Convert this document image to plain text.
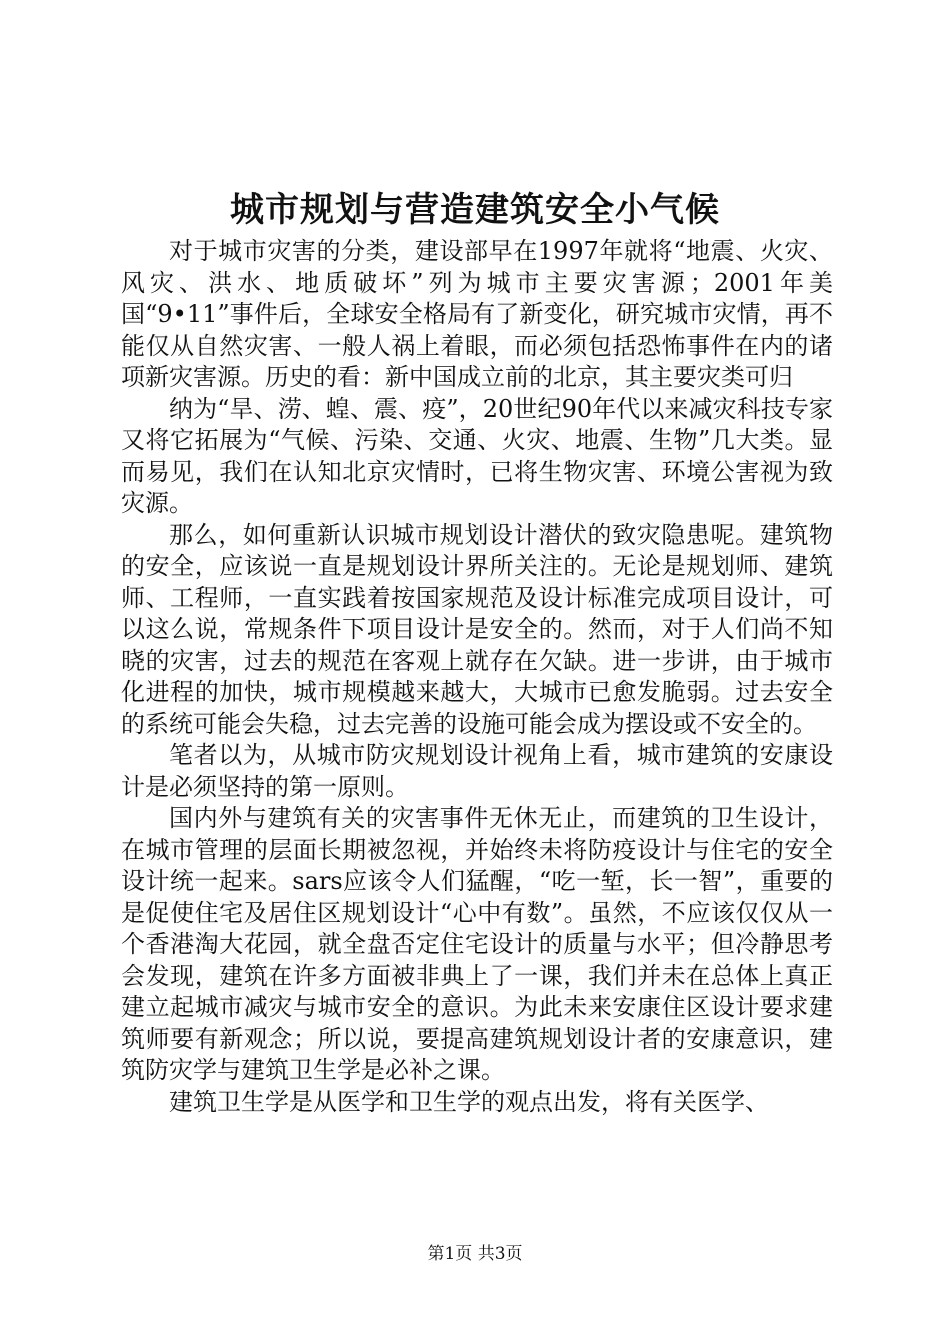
城市规划与营造建筑安全小气候

对于城市灾害的分类，建设部早在1997年就将“地震、火灾、风灾、洪水、地质破坏”列为城市主要灾害源；2001年美国“9•11”事件后，全球安全格局有了新变化，研究城市灾情，再不能仅从自然灾害、一般人祸上着眼，而必须包括恐怖事件在内的诸项新灾害源。历史的看：新中国成立前的北京，其主要灾类可归

纳为“旱、涝、蝗、震、疫”，20世纪90年代以来减灾科技专家又将它拓展为“气候、污染、交通、火灾、地震、生物”几大类。显而易见，我们在认知北京灾情时，已将生物灾害、环境公害视为致灾源。

那么，如何重新认识城市规划设计潜伏的致灾隐患呢。建筑物的安全，应该说一直是规划设计界所关注的。无论是规划师、建筑师、工程师，一直实践着按国家规范及设计标准完成项目设计，可以这么说，常规条件下项目设计是安全的。然而，对于人们尚不知晓的灾害，过去的规范在客观上就存在欠缺。进一步讲，由于城市化进程的加快，城市规模越来越大，大城市已愈发脆弱。过去安全的系统可能会失稳，过去完善的设施可能会成为摆设或不安全的。

笔者以为，从城市防灾规划设计视角上看，城市建筑的安康设计是必须坚持的第一原则。

国内外与建筑有关的灾害事件无休无止，而建筑的卫生设计，在城市管理的层面长期被忽视，并始终未将防疫设计与住宅的安全设计统一起来。sars应该令人们猛醒，“吃一堑，长一智”，重要的是促使住宅及居住区规划设计“心中有数”。虽然，不应该仅仅从一个香港淘大花园，就全盘否定住宅设计的质量与水平；但冷静思考会发现，建筑在许多方面被非典上了一课，我们并未在总体上真正建立起城市减灾与城市安全的意识。为此未来安康住区设计要求建筑师要有新观念；所以说，要提高建筑规划设计者的安康意识，建筑防灾学与建筑卫生学是必补之课。

建筑卫生学是从医学和卫生学的观点出发，将有关医学、

第1页 共3页
